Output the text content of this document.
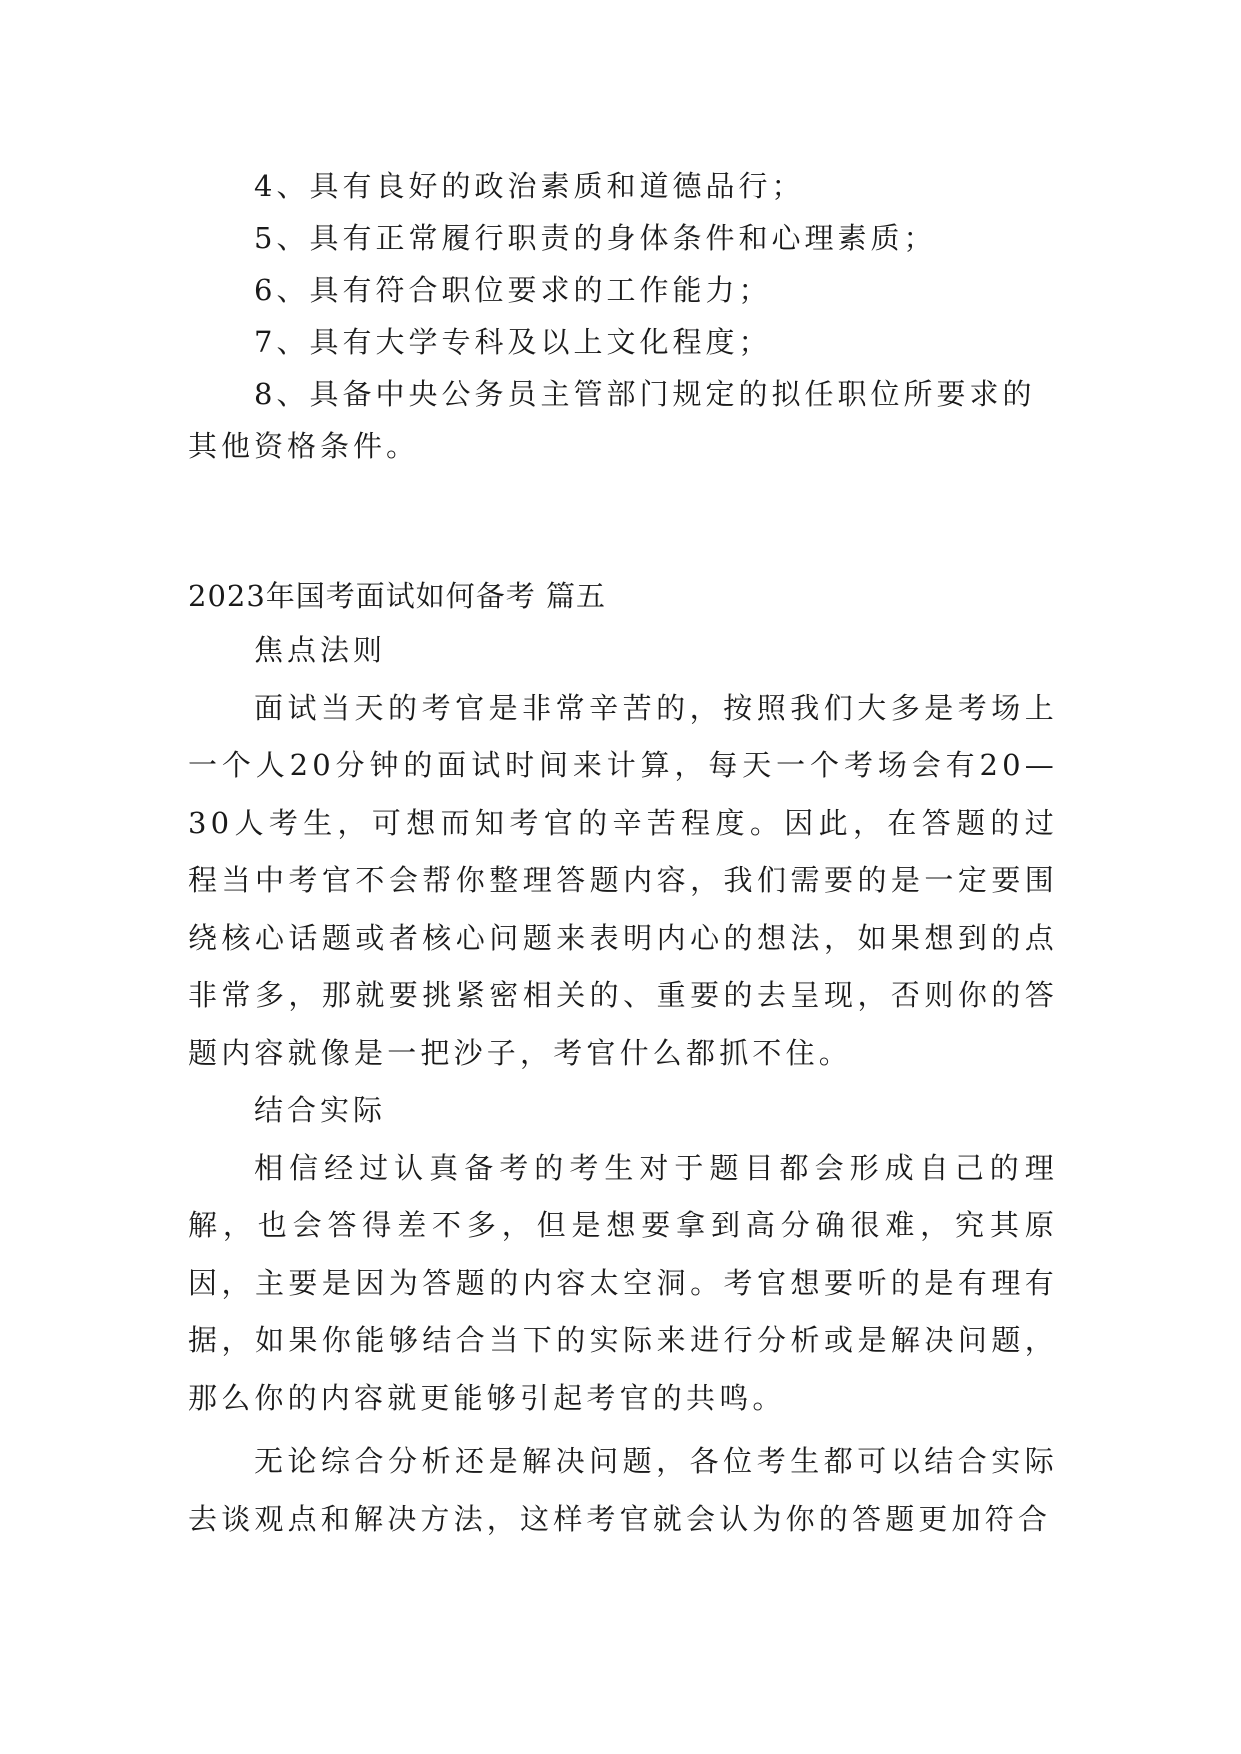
4、具有良好的政治素质和道德品行；
5、具有正常履行职责的身体条件和心理素质；
6、具有符合职位要求的工作能力；
7、具有大学专科及以上文化程度；
8、具备中央公务员主管部门规定的拟任职位所要求的
其他资格条件。
2023年国考面试如何备考 篇五

焦点法则

面试当天的考官是非常辛苦的，按照我们大多是考场上一个人20分钟的面试时间来计算，每天一个考场会有20—30人考生，可想而知考官的辛苦程度。因此，在答题的过程当中考官不会帮你整理答题内容，我们需要的是一定要围绕核心话题或者核心问题来表明内心的想法，如果想到的点非常多，那就要挑紧密相关的、重要的去呈现，否则你的答题内容就像是一把沙子，考官什么都抓不住。

结合实际

相信经过认真备考的考生对于题目都会形成自己的理解，也会答得差不多，但是想要拿到高分确很难，究其原因，主要是因为答题的内容太空洞。考官想要听的是有理有据，如果你能够结合当下的实际来进行分析或是解决问题，那么你的内容就更能够引起考官的共鸣。

无论综合分析还是解决问题，各位考生都可以结合实际去谈观点和解决方法，这样考官就会认为你的答题更加符合
